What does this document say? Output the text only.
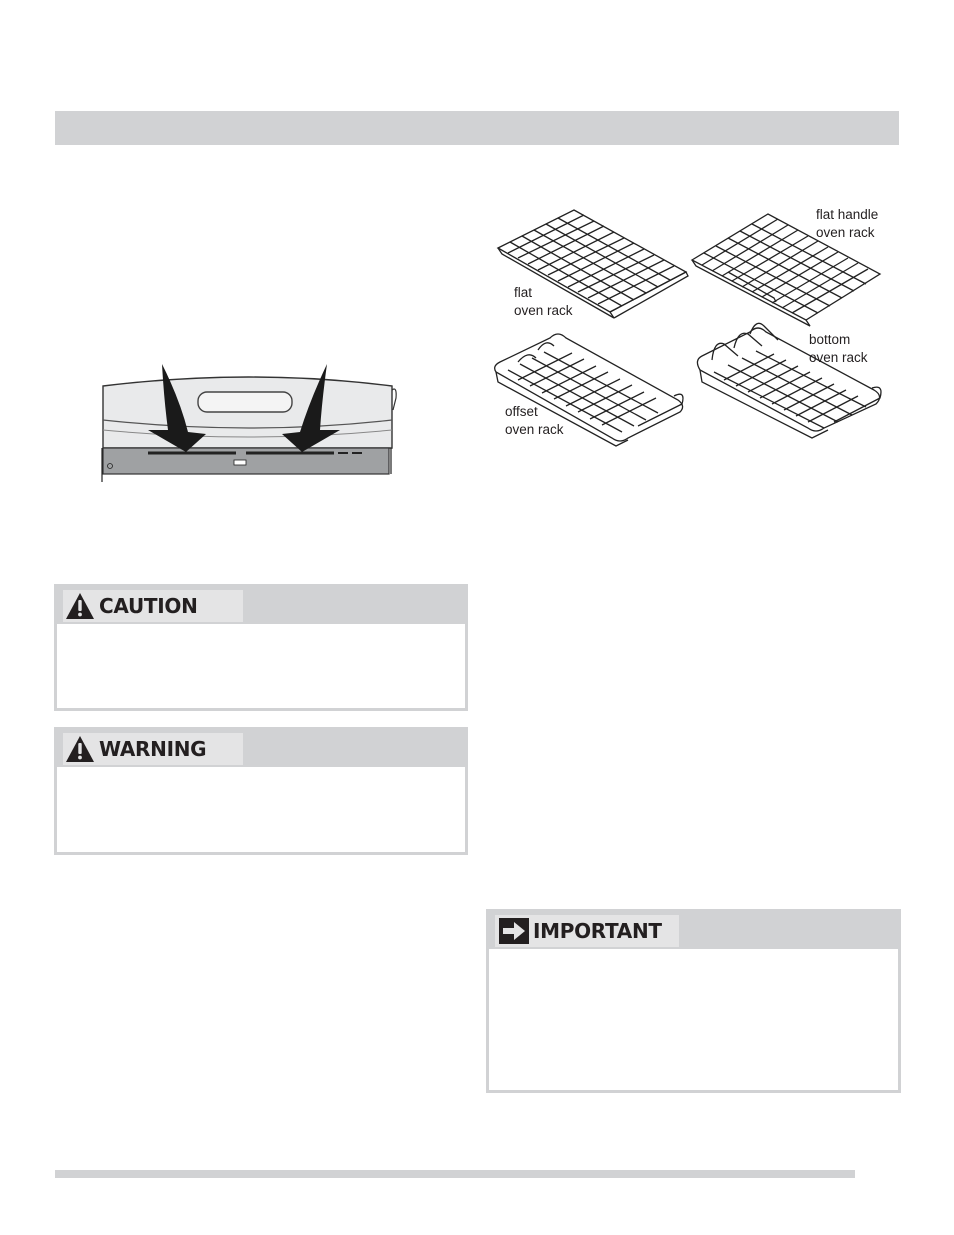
flat handle
oven rack
flat
oven rack
bottom
oven rack
offset
oven rack
CAUTION
WARNING
IMPORTANT
